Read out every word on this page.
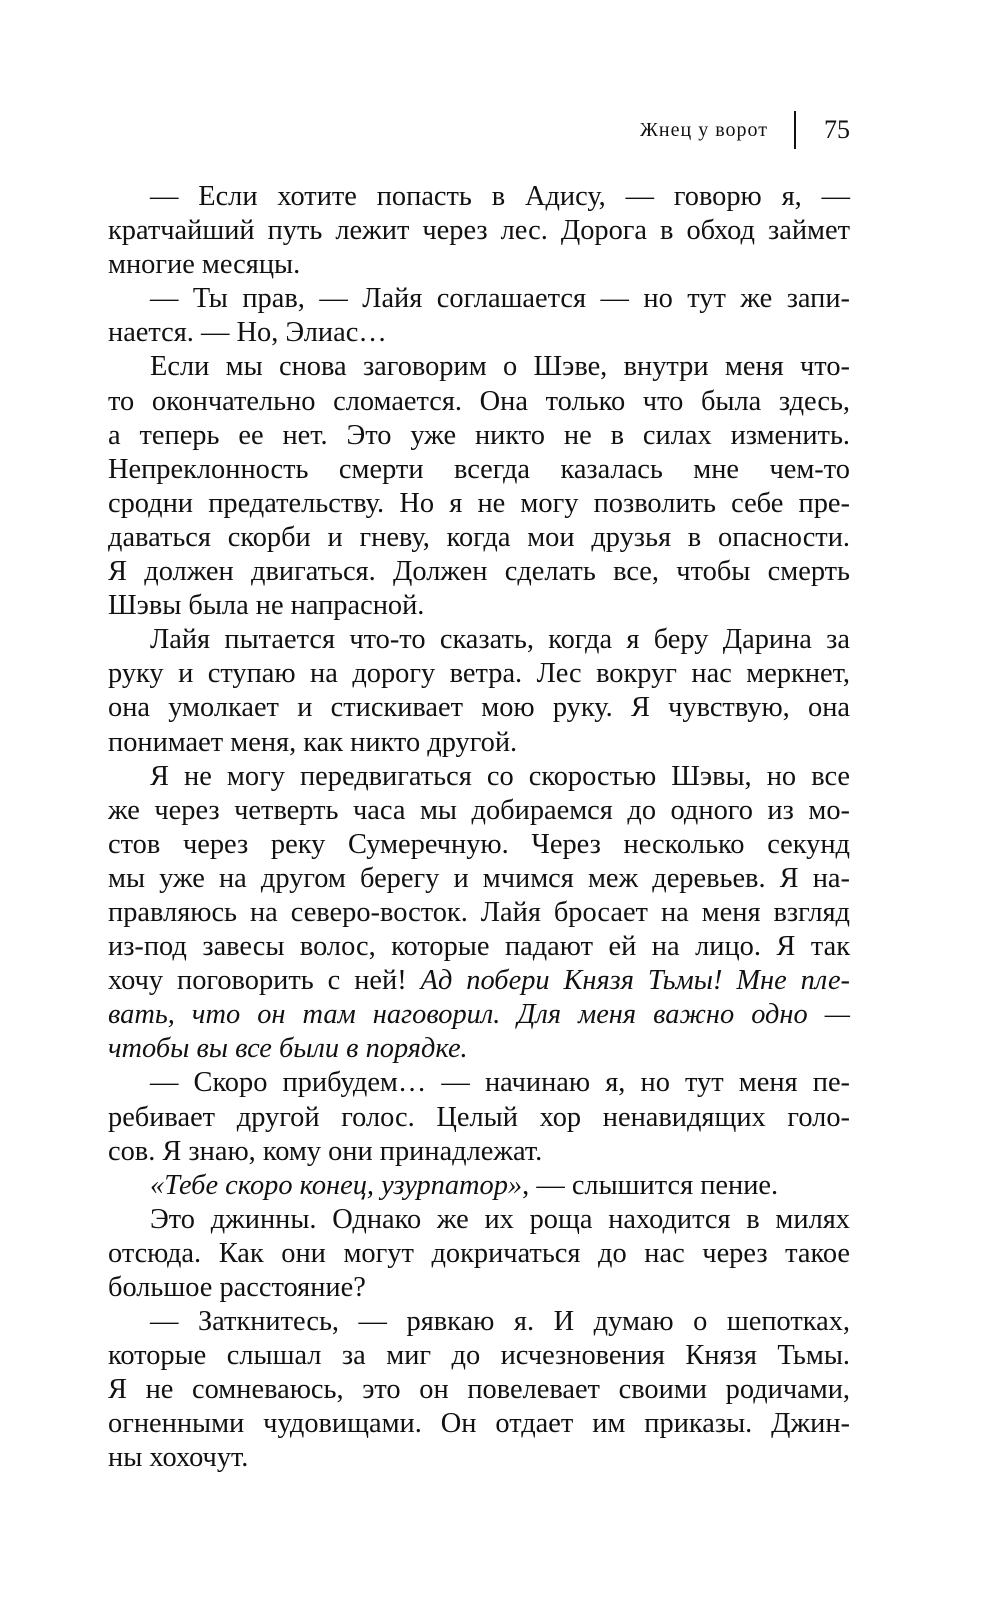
Жнец у ворот 75
— Если хотите попасть в Адису, — говорю я, —
кратчайший путь лежит через лес. Дорога в обход займет
многие месяцы.
— Ты прав, — Лайя соглашается — но тут же запи-
нается. — Но, Элиас…
Если мы снова заговорим о Шэве, внутри меня что-
то окончательно сломается. Она только что была здесь,
а теперь ее нет. Это уже никто не в силах изменить.
Непреклонность смерти всегда казалась мне чем-то
сродни предательству. Но я не могу позволить себе пре-
даваться скорби и гневу, когда мои друзья в опасности.
Я должен двигаться. Должен сделать все, чтобы смерть
Шэвы была не напрасной.
Лайя пытается что-то сказать, когда я беру Дарина за
руку и ступаю на дорогу ветра. Лес вокруг нас меркнет,
она умолкает и стискивает мою руку. Я чувствую, она
понимает меня, как никто другой.
Я не могу передвигаться со скоростью Шэвы, но все
же через четверть часа мы добираемся до одного из мо-
стов через реку Сумеречную. Через несколько секунд
мы уже на другом берегу и мчимся меж деревьев. Я на-
правляюсь на северо-восток. Лайя бросает на меня взгляд
из-под завесы волос, которые падают ей на лицо. Я так
хочу поговорить с ней! Ад побери Князя Тьмы! Мне пле-
вать, что он там наговорил. Для меня важно одно —
чтобы вы все были в порядке.
— Скоро прибудем… — начинаю я, но тут меня пе-
ребивает другой голос. Целый хор ненавидящих голо-
сов. Я знаю, кому они принадлежат.
«Тебе скоро конец, узурпатор», — слышится пение.
Это джинны. Однако же их роща находится в милях
отсюда. Как они могут докричаться до нас через такое
большое расстояние?
— Заткнитесь, — рявкаю я. И думаю о шепотках,
которые слышал за миг до исчезновения Князя Тьмы.
Я не сомневаюсь, это он повелевает своими родичами,
огненными чудовищами. Он отдает им приказы. Джин-
ны хохочут.
